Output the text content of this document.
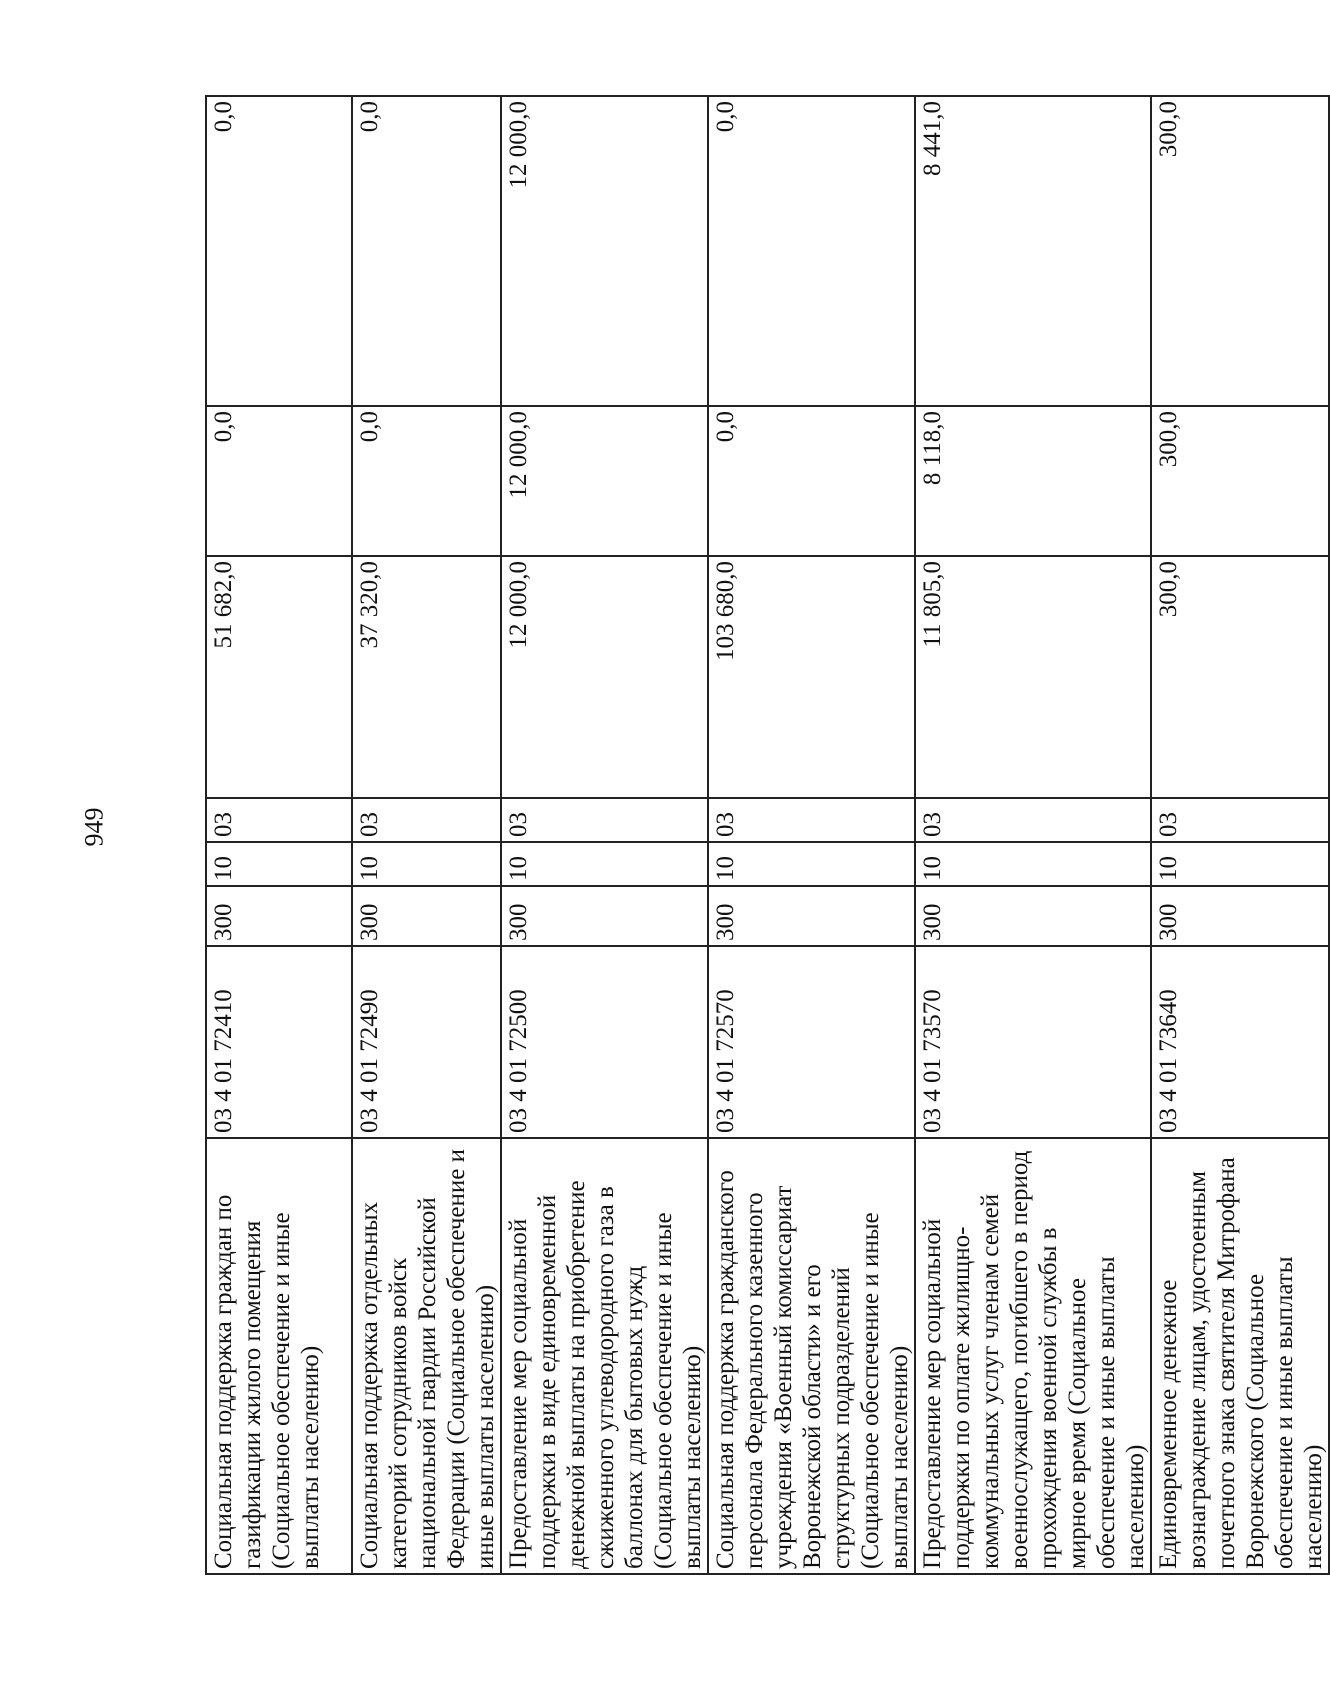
949
Социальная поддержка граждан по газификации жилого помещения (Социальное обеспечение и иные выплаты населению)	03 4 01 72410	300	10	03	51 682,0	0,0	0,0
Социальная поддержка отдельных категорий сотрудников войск национальной гвардии Российской Федерации (Социальное обеспечение и иные выплаты населению)	03 4 01 72490	300	10	03	37 320,0	0,0	0,0
Предоставление мер социальной поддержки в виде единовременной денежной выплаты на приобретение сжиженного углеводородного газа в баллонах для бытовых нужд (Социальное обеспечение и иные выплаты населению)	03 4 01 72500	300	10	03	12 000,0	12 000,0	12 000,0
Социальная поддержка гражданского персонала Федерального казенного учреждения «Военный комиссариат Воронежской области» и его структурных подразделений (Социальное обеспечение и иные выплаты населению)	03 4 01 72570	300	10	03	103 680,0	0,0	0,0
Предоставление мер социальной поддержки по оплате жилищно-коммунальных услуг членам семей военнослужащего, погибшего в период прохождения военной службы в мирное время (Социальное обеспечение и иные выплаты населению)	03 4 01 73570	300	10	03	11 805,0	8 118,0	8 441,0
Единовременное денежное вознаграждение лицам, удостоенным почетного знака святителя Митрофана Воронежского (Социальное обеспечение и иные выплаты населению)	03 4 01 73640	300	10	03	300,0	300,0	300,0
